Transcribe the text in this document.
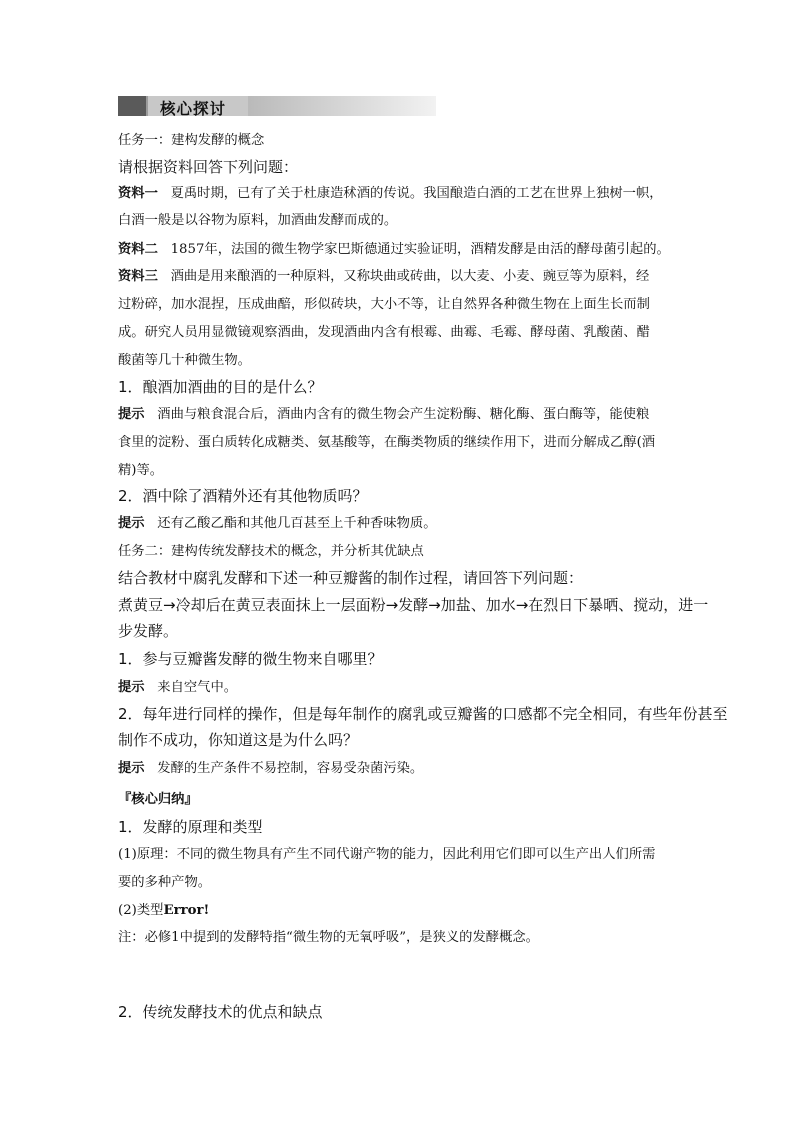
核心探讨
任务一：建构发酵的概念
请根据资料回答下列问题：
资料一 夏禹时期，已有了关于杜康造秫酒的传说。我国酿造白酒的工艺在世界上独树一帜，
白酒一般是以谷物为原料，加酒曲发酵而成的。
资料二 1857年，法国的微生物学家巴斯德通过实验证明，酒精发酵是由活的酵母菌引起的。
资料三 酒曲是用来酿酒的一种原料，又称块曲或砖曲，以大麦、小麦、豌豆等为原料，经
过粉碎，加水混捏，压成曲醅，形似砖块，大小不等，让自然界各种微生物在上面生长而制
成。研究人员用显微镜观察酒曲，发现酒曲内含有根霉、曲霉、毛霉、酵母菌、乳酸菌、醋
酸菌等几十种微生物。
1．酿酒加酒曲的目的是什么？
提示 酒曲与粮食混合后，酒曲内含有的微生物会产生淀粉酶、糖化酶、蛋白酶等，能使粮
食里的淀粉、蛋白质转化成糖类、氨基酸等，在酶类物质的继续作用下，进而分解成乙醇(酒
精)等。
2．酒中除了酒精外还有其他物质吗？
提示 还有乙酸乙酯和其他几百甚至上千种香味物质。
任务二：建构传统发酵技术的概念，并分析其优缺点
结合教材中腐乳发酵和下述一种豆瓣酱的制作过程，请回答下列问题：
煮黄豆→冷却后在黄豆表面抹上一层面粉→发酵→加盐、加水→在烈日下暴晒、搅动，进一
步发酵。
1．参与豆瓣酱发酵的微生物来自哪里？
提示 来自空气中。
2．每年进行同样的操作，但是每年制作的腐乳或豆瓣酱的口感都不完全相同，有些年份甚至
制作不成功，你知道这是为什么吗？
提示 发酵的生产条件不易控制，容易受杂菌污染。
『核心归纳』
1．发酵的原理和类型
(1)原理：不同的微生物具有产生不同代谢产物的能力，因此利用它们即可以生产出人们所需
要的多种产物。
(2)类型Error!
注：必修1中提到的发酵特指“微生物的无氧呼吸”，是狭义的发酵概念。
2．传统发酵技术的优点和缺点
